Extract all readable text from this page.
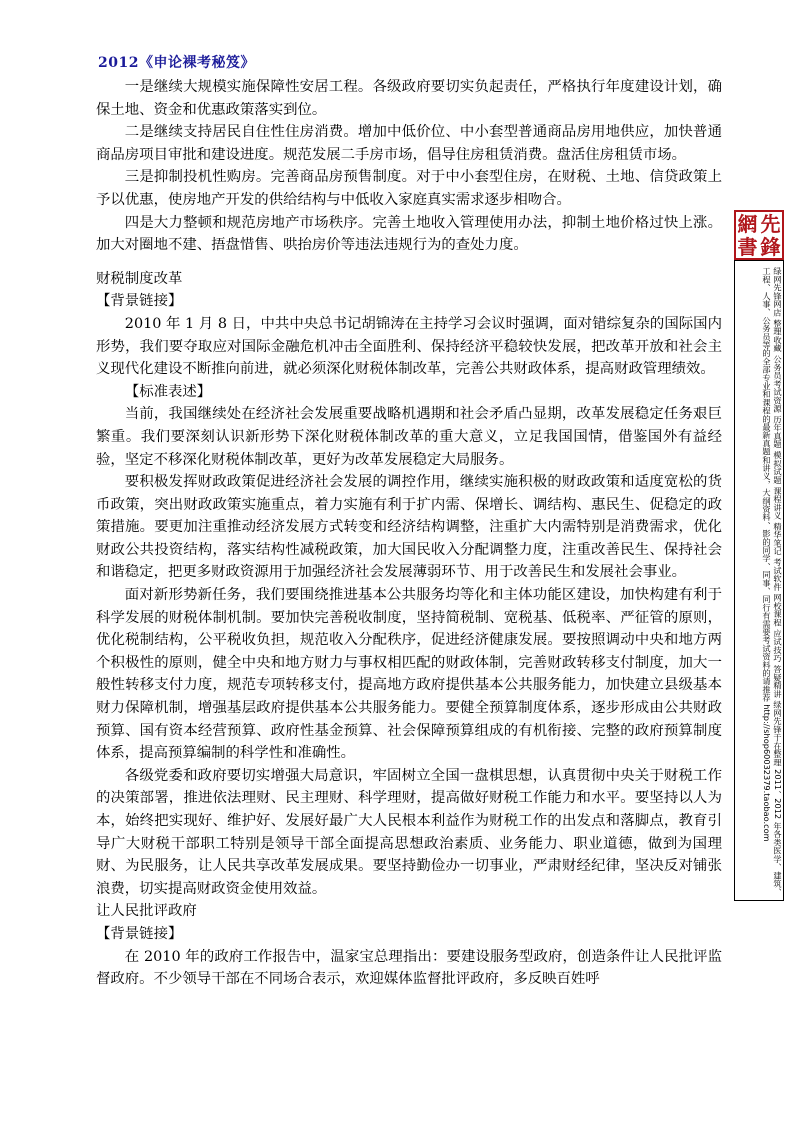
2012《申论裸考秘笈》

一是继续大规模实施保障性安居工程。各级政府要切实负起责任，严格执行年度建设计划，确保土地、资金和优惠政策落实到位。

二是继续支持居民自住性住房消费。增加中低价位、中小套型普通商品房用地供应，加快普通商品房项目审批和建设进度。规范发展二手房市场，倡导住房租赁消费。盘活住房租赁市场。

三是抑制投机性购房。完善商品房预售制度。对于中小套型住房，在财税、土地、信贷政策上予以优惠，使房地产开发的供给结构与中低收入家庭真实需求逐步相吻合。

四是大力整顿和规范房地产市场秩序。完善土地收入管理使用办法，抑制土地价格过快上涨。加大对圈地不建、捂盘惜售、哄抬房价等违法违规行为的查处力度。

财税制度改革

【背景链接】

2010 年 1 月 8 日，中共中央总书记胡锦涛在主持学习会议时强调，面对错综复杂的国际国内形势，我们要夺取应对国际金融危机冲击全面胜利、保持经济平稳较快发展，把改革开放和社会主义现代化建设不断推向前进，就必须深化财税体制改革，完善公共财政体系，提高财政管理绩效。

【标准表述】

当前，我国继续处在经济社会发展重要战略机遇期和社会矛盾凸显期，改革发展稳定任务艰巨繁重。我们要深刻认识新形势下深化财税体制改革的重大意义，立足我国国情，借鉴国外有益经验，坚定不移深化财税体制改革，更好为改革发展稳定大局服务。

要积极发挥财政政策促进经济社会发展的调控作用，继续实施积极的财政政策和适度宽松的货币政策，突出财政政策实施重点，着力实施有利于扩内需、保增长、调结构、惠民生、促稳定的政策措施。要更加注重推动经济发展方式转变和经济结构调整，注重扩大内需特别是消费需求，优化财政公共投资结构，落实结构性减税政策，加大国民收入分配调整力度，注重改善民生、保持社会和谐稳定，把更多财政资源用于加强经济社会发展薄弱环节、用于改善民生和发展社会事业。

面对新形势新任务，我们要围绕推进基本公共服务均等化和主体功能区建设，加快构建有利于科学发展的财税体制机制。要加快完善税收制度，坚持简税制、宽税基、低税率、严征管的原则，优化税制结构，公平税收负担，规范收入分配秩序，促进经济健康发展。要按照调动中央和地方两个积极性的原则，健全中央和地方财力与事权相匹配的财政体制，完善财政转移支付制度，加大一般性转移支付力度，规范专项转移支付，提高地方政府提供基本公共服务能力，加快建立县级基本财力保障机制，增强基层政府提供基本公共服务能力。要健全预算制度体系，逐步形成由公共财政预算、国有资本经营预算、政府性基金预算、社会保障预算组成的有机衔接、完整的政府预算制度体系，提高预算编制的科学性和准确性。

各级党委和政府要切实增强大局意识，牢固树立全国一盘棋思想，认真贯彻中央关于财税工作的决策部署，推进依法理财、民主理财、科学理财，提高做好财税工作能力和水平。要坚持以人为本，始终把实现好、维护好、发展好最广大人民根本利益作为财税工作的出发点和落脚点，教育引导广大财税干部职工特别是领导干部全面提高思想政治素质、业务能力、职业道德，做到为国理财、为民服务，让人民共享改革发展成果。要坚持勤俭办一切事业，严肃财经纪律，坚决反对铺张浪费，切实提高财政资金使用效益。

让人民批评政府

【背景链接】

在 2010 年的政府工作报告中，温家宝总理指出：要建设服务型政府，创造条件让人民批评监督政府。不少领导干部在不同场合表示，欢迎媒体监督批评政府，多反映百姓呼

網 先
書 鋒
绿网先锋网店 整理收藏 公务员考试资源 历年真题 模拟试题 课程讲义 精华笔记 考试软件 网校课程 应试技巧 答疑精讲 绿网先锋于在整理 2011、2012 年各类医学、建筑、工程、人事、公务员等的全部专业和课程的最新真题和讲义，大纲资料、影的同学、同事、同行有需要考试资料的请推荐 http://shop60032379.taobao.com
